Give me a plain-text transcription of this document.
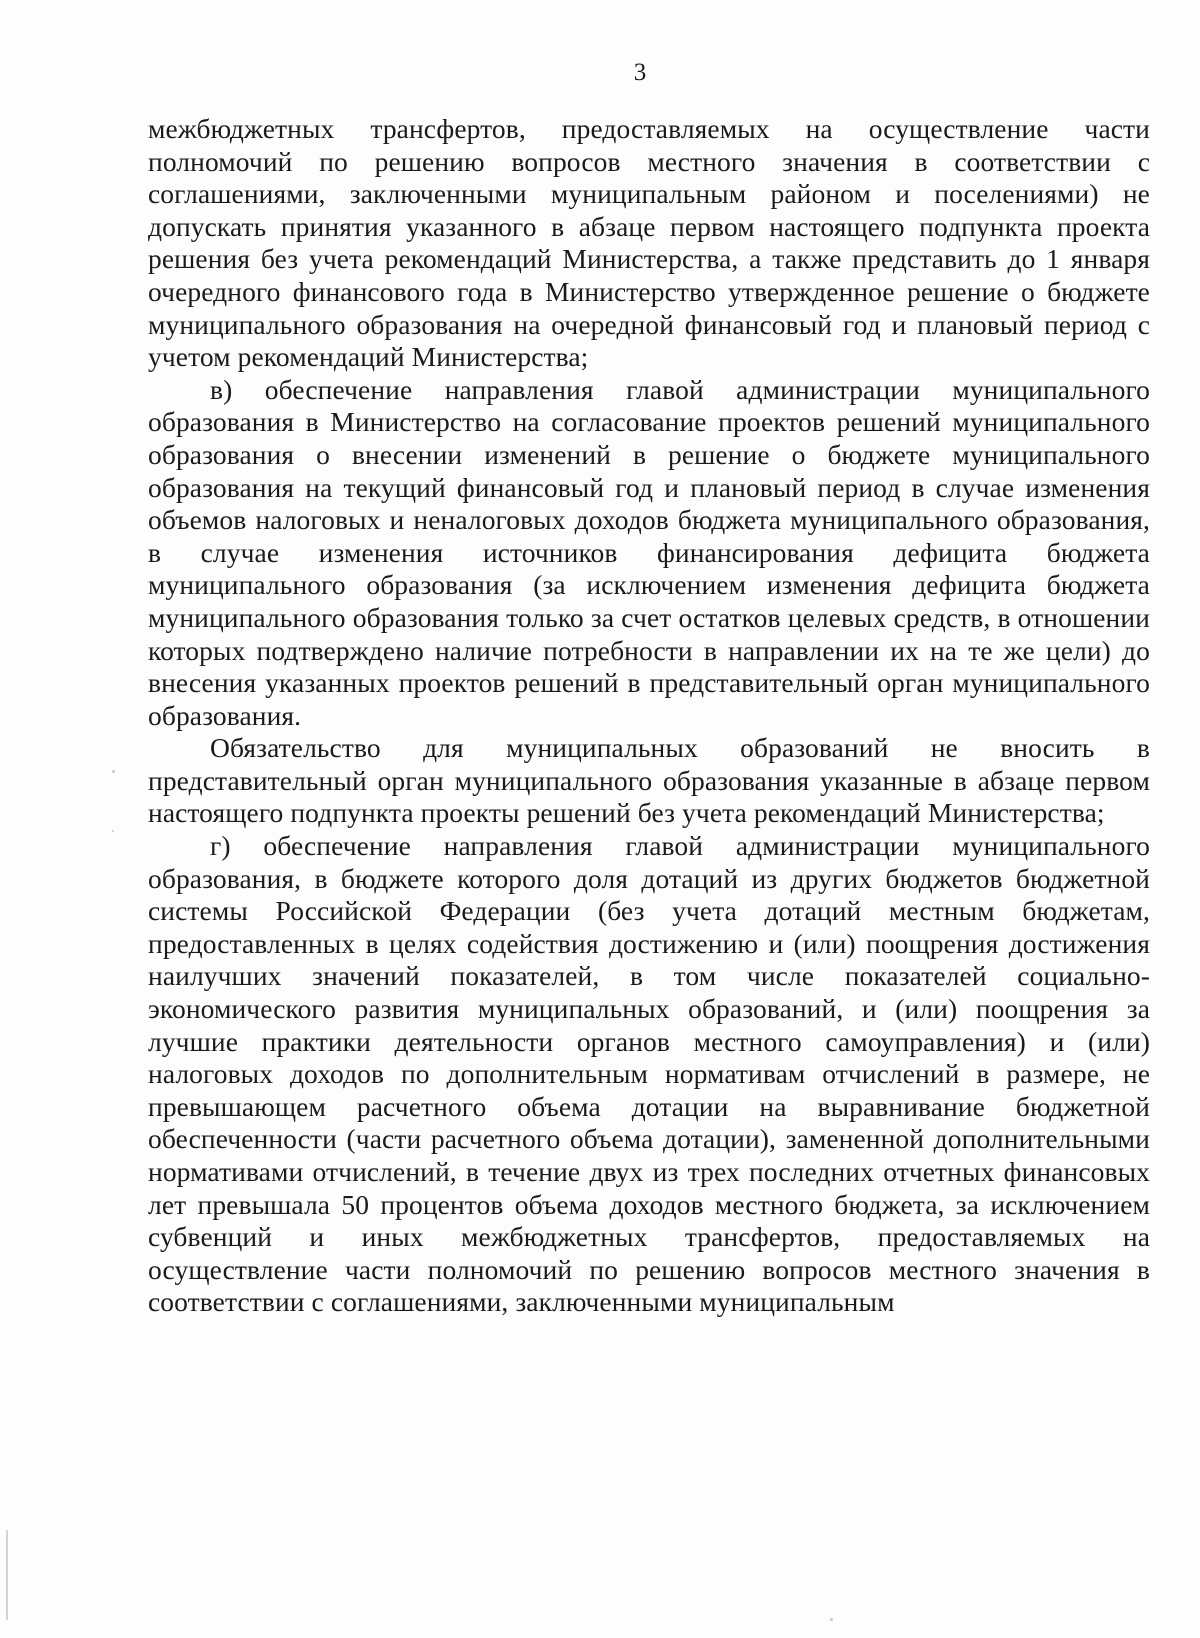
3

межбюджетных трансфертов, предоставляемых на осуществление части полномочий по решению вопросов местного значения в соответствии с соглашениями, заключенными муниципальным районом и поселениями) не допускать принятия указанного в абзаце первом настоящего подпункта проекта решения без учета рекомендаций Министерства, а также представить до 1 января очередного финансового года в Министерство утвержденное решение о бюджете муниципального образования на очередной финансовый год и плановый период с учетом рекомендаций Министерства;

в) обеспечение направления главой администрации муниципального образования в Министерство на согласование проектов решений муниципального образования о внесении изменений в решение о бюджете муниципального образования на текущий финансовый год и плановый период в случае изменения объемов налоговых и неналоговых доходов бюджета муниципального образования, в случае изменения источников финансирования дефицита бюджета муниципального образования (за исключением изменения дефицита бюджета муниципального образования только за счет остатков целевых средств, в отношении которых подтверждено наличие потребности в направлении их на те же цели) до внесения указанных проектов решений в представительный орган муниципального образования.

Обязательство для муниципальных образований не вносить в представительный орган муниципального образования указанные в абзаце первом настоящего подпункта проекты решений без учета рекомендаций Министерства;

г) обеспечение направления главой администрации муниципального образования, в бюджете которого доля дотаций из других бюджетов бюджетной системы Российской Федерации (без учета дотаций местным бюджетам, предоставленных в целях содействия достижению и (или) поощрения достижения наилучших значений показателей, в том числе показателей социально-экономического развития муниципальных образований, и (или) поощрения за лучшие практики деятельности органов местного самоуправления) и (или) налоговых доходов по дополнительным нормативам отчислений в размере, не превышающем расчетного объема дотации на выравнивание бюджетной обеспеченности (части расчетного объема дотации), замененной дополнительными нормативами отчислений, в течение двух из трех последних отчетных финансовых лет превышала 50 процентов объема доходов местного бюджета, за исключением субвенций и иных межбюджетных трансфертов, предоставляемых на осуществление части полномочий по решению вопросов местного значения в соответствии с соглашениями, заключенными муниципальным
